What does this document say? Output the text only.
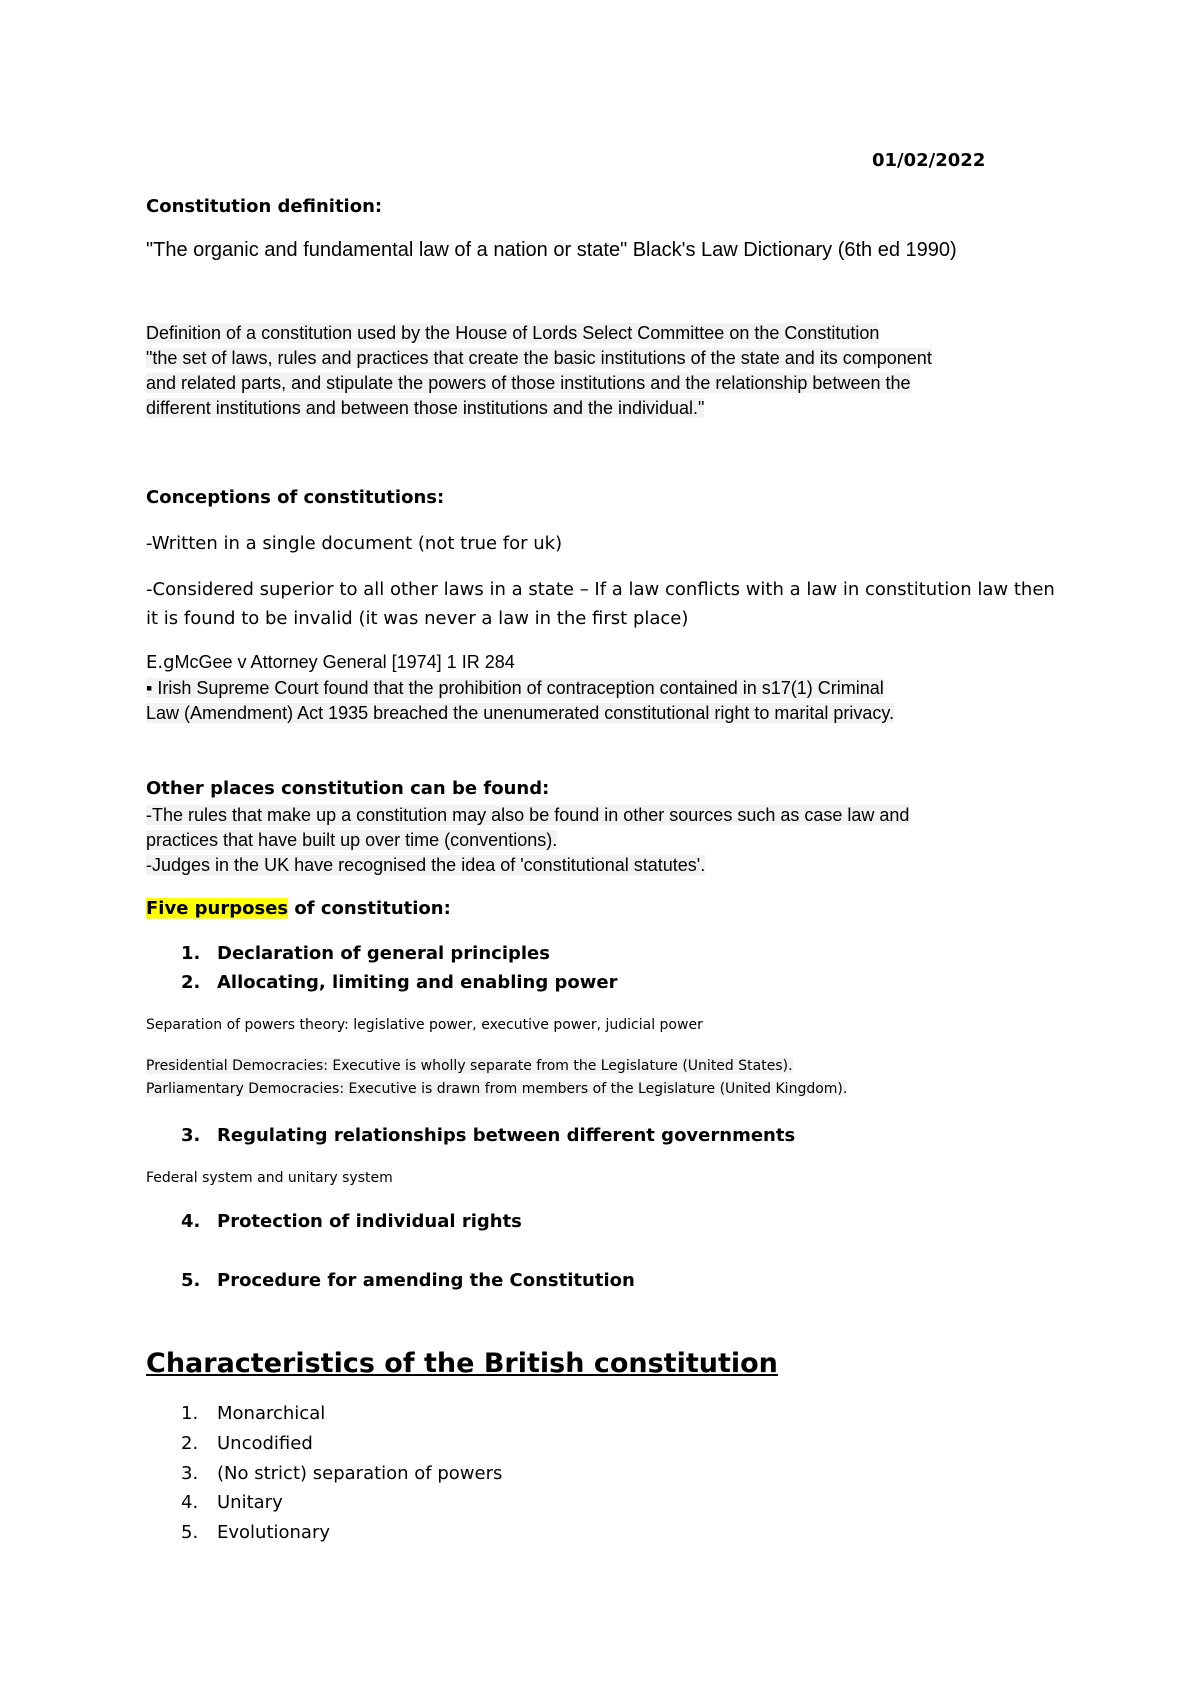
01/02/2022
Constitution definition:
"The organic and fundamental law of a nation or state" Black's Law Dictionary (6th ed 1990)
Definition of a constitution used by the House of Lords Select Committee on the Constitution
"the set of laws, rules and practices that create the basic institutions of the state and its component
and related parts, and stipulate the powers of those institutions and the relationship between the
different institutions and between those institutions and the individual."
Conceptions of constitutions:
-Written in a single document (not true for uk)
-Considered superior to all other laws in a state – If a law conflicts with a law in constitution law then
it is found to be invalid (it was never a law in the first place)
E.gMcGee v Attorney General [1974] 1 IR 284
▪ Irish Supreme Court found that the prohibition of contraception contained in s17(1) Criminal
Law (Amendment) Act 1935 breached the unenumerated constitutional right to marital privacy.
Other places constitution can be found:
-The rules that make up a constitution may also be found in other sources such as case law and
practices that have built up over time (conventions).
-Judges in the UK have recognised the idea of 'constitutional statutes'.
Five purposes of constitution:
1. Declaration of general principles
2. Allocating, limiting and enabling power
Separation of powers theory: legislative power, executive power, judicial power
Presidential Democracies: Executive is wholly separate from the Legislature (United States).
Parliamentary Democracies: Executive is drawn from members of the Legislature (United Kingdom).
3. Regulating relationships between different governments
Federal system and unitary system
4. Protection of individual rights
5. Procedure for amending the Constitution
Characteristics of the British constitution
1. Monarchical
2. Uncodified
3. (No strict) separation of powers
4. Unitary
5. Evolutionary
